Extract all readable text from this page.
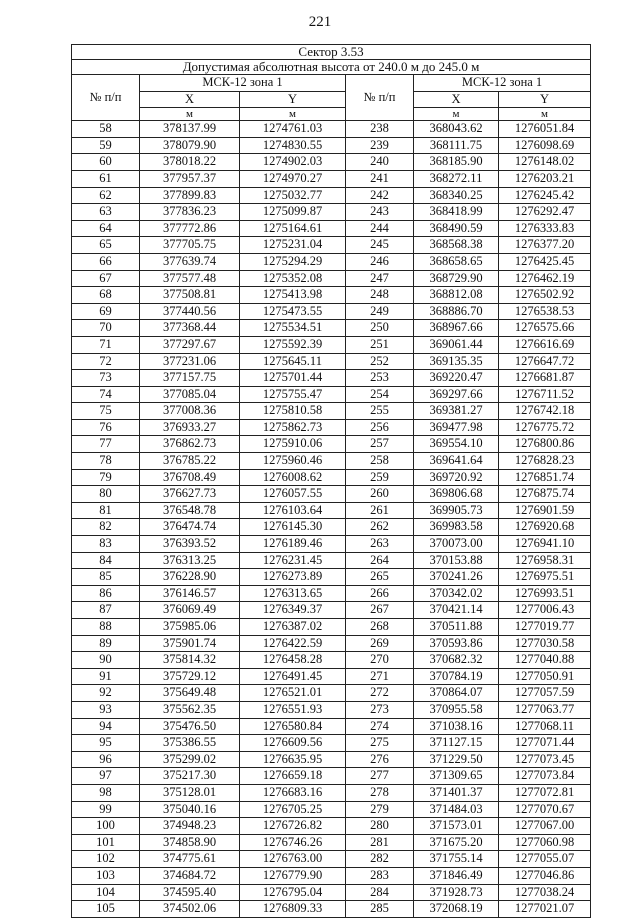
221
Сектор 3.53					
Допустимая абсолютная высота от 240.0 м до 245.0 м					
№ п/п	МСК-12 зона 1		№ п/п	МСК-12 зона 1	
	X	Y		X	Y
	м	м		м	м
58	378137.99	1274761.03	238	368043.62	1276051.84
59	378079.90	1274830.55	239	368111.75	1276098.69
60	378018.22	1274902.03	240	368185.90	1276148.02
61	377957.37	1274970.27	241	368272.11	1276203.21
62	377899.83	1275032.77	242	368340.25	1276245.42
63	377836.23	1275099.87	243	368418.99	1276292.47
64	377772.86	1275164.61	244	368490.59	1276333.83
65	377705.75	1275231.04	245	368568.38	1276377.20
66	377639.74	1275294.29	246	368658.65	1276425.45
67	377577.48	1275352.08	247	368729.90	1276462.19
68	377508.81	1275413.98	248	368812.08	1276502.92
69	377440.56	1275473.55	249	368886.70	1276538.53
70	377368.44	1275534.51	250	368967.66	1276575.66
71	377297.67	1275592.39	251	369061.44	1276616.69
72	377231.06	1275645.11	252	369135.35	1276647.72
73	377157.75	1275701.44	253	369220.47	1276681.87
74	377085.04	1275755.47	254	369297.66	1276711.52
75	377008.36	1275810.58	255	369381.27	1276742.18
76	376933.27	1275862.73	256	369477.98	1276775.72
77	376862.73	1275910.06	257	369554.10	1276800.86
78	376785.22	1275960.46	258	369641.64	1276828.23
79	376708.49	1276008.62	259	369720.92	1276851.74
80	376627.73	1276057.55	260	369806.68	1276875.74
81	376548.78	1276103.64	261	369905.73	1276901.59
82	376474.74	1276145.30	262	369983.58	1276920.68
83	376393.52	1276189.46	263	370073.00	1276941.10
84	376313.25	1276231.45	264	370153.88	1276958.31
85	376228.90	1276273.89	265	370241.26	1276975.51
86	376146.57	1276313.65	266	370342.02	1276993.51
87	376069.49	1276349.37	267	370421.14	1277006.43
88	375985.06	1276387.02	268	370511.88	1277019.77
89	375901.74	1276422.59	269	370593.86	1277030.58
90	375814.32	1276458.28	270	370682.32	1277040.88
91	375729.12	1276491.45	271	370784.19	1277050.91
92	375649.48	1276521.01	272	370864.07	1277057.59
93	375562.35	1276551.93	273	370955.58	1277063.77
94	375476.50	1276580.84	274	371038.16	1277068.11
95	375386.55	1276609.56	275	371127.15	1277071.44
96	375299.02	1276635.95	276	371229.50	1277073.45
97	375217.30	1276659.18	277	371309.65	1277073.84
98	375128.01	1276683.16	278	371401.37	1277072.81
99	375040.16	1276705.25	279	371484.03	1277070.67
100	374948.23	1276726.82	280	371573.01	1277067.00
101	374858.90	1276746.26	281	371675.20	1277060.98
102	374775.61	1276763.00	282	371755.14	1277055.07
103	374684.72	1276779.90	283	371846.49	1277046.86
104	374595.40	1276795.04	284	371928.73	1277038.24
105	374502.06	1276809.33	285	372068.19	1277021.07
